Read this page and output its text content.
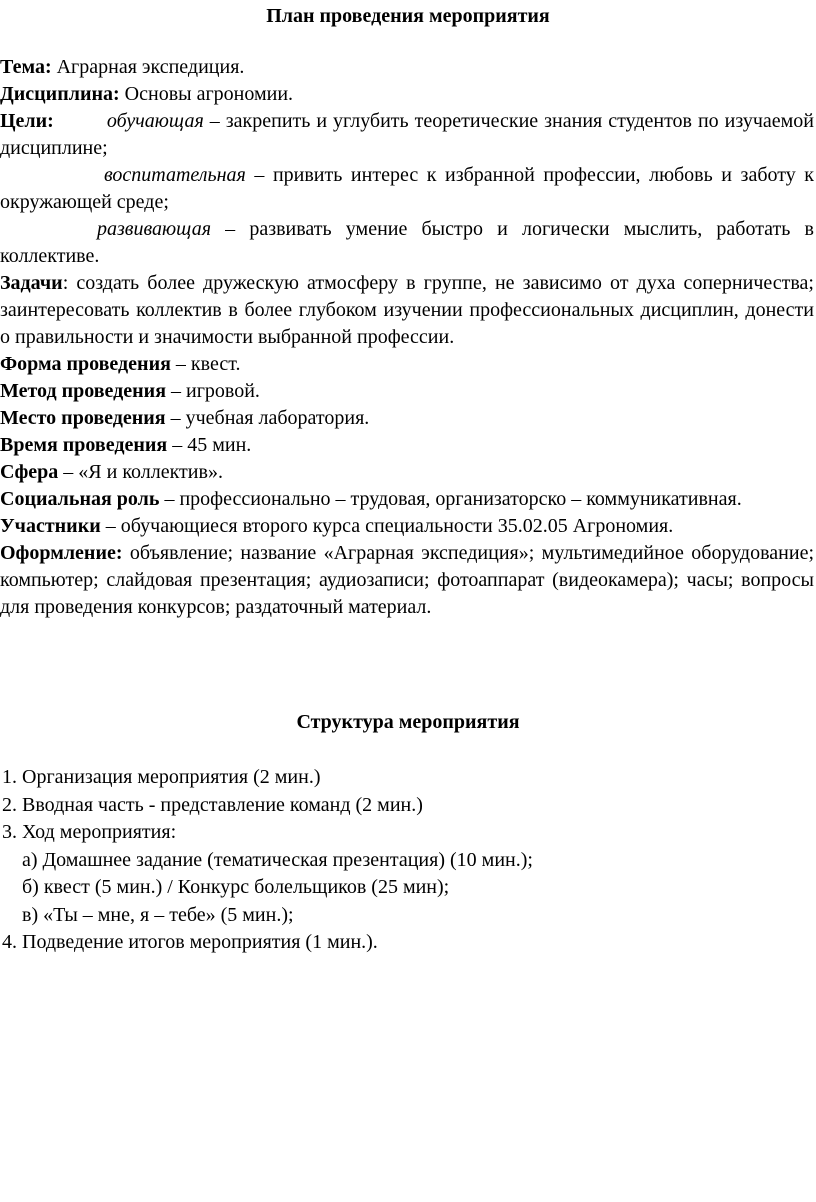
План проведения мероприятия

Тема: Аграрная экспедиция.

Дисциплина: Основы агрономии.

Цели:	обучающая – закрепить и углубить теоретические знания студентов по изучаемой дисциплине;

воспитательная – привить интерес к избранной профессии, любовь и заботу к окружающей среде;

развивающая – развивать умение быстро и логически мыслить, работать в коллективе.

Задачи: создать более дружескую атмосферу в группе, не зависимо от духа соперничества; заинтересовать коллектив в более глубоком изучении профессиональных дисциплин, донести о правильности и значимости выбранной профессии.

Форма проведения – квест.

Метод проведения – игровой.

Место проведения – учебная лаборатория.

Время проведения – 45 мин.

Сфера – «Я и коллектив».

Социальная роль – профессионально – трудовая, организаторско – коммуникативная.

Участники – обучающиеся второго курса специальности 35.02.05 Агрономия.

Оформление: объявление; название «Аграрная экспедиция»; мультимедийное оборудование; компьютер; слайдовая презентация; аудиозаписи; фотоаппарат (видеокамера); часы; вопросы для проведения конкурсов; раздаточный материал.

Структура мероприятия

1. Организация мероприятия (2 мин.)

2. Вводная часть - представление команд (2 мин.)

3. Ход мероприятия:

а) Домашнее задание (тематическая презентация) (10 мин.);

б) квест (5 мин.) / Конкурс болельщиков (25 мин);

в) «Ты – мне, я – тебе» (5 мин.);

4. Подведение итогов мероприятия (1 мин.).
